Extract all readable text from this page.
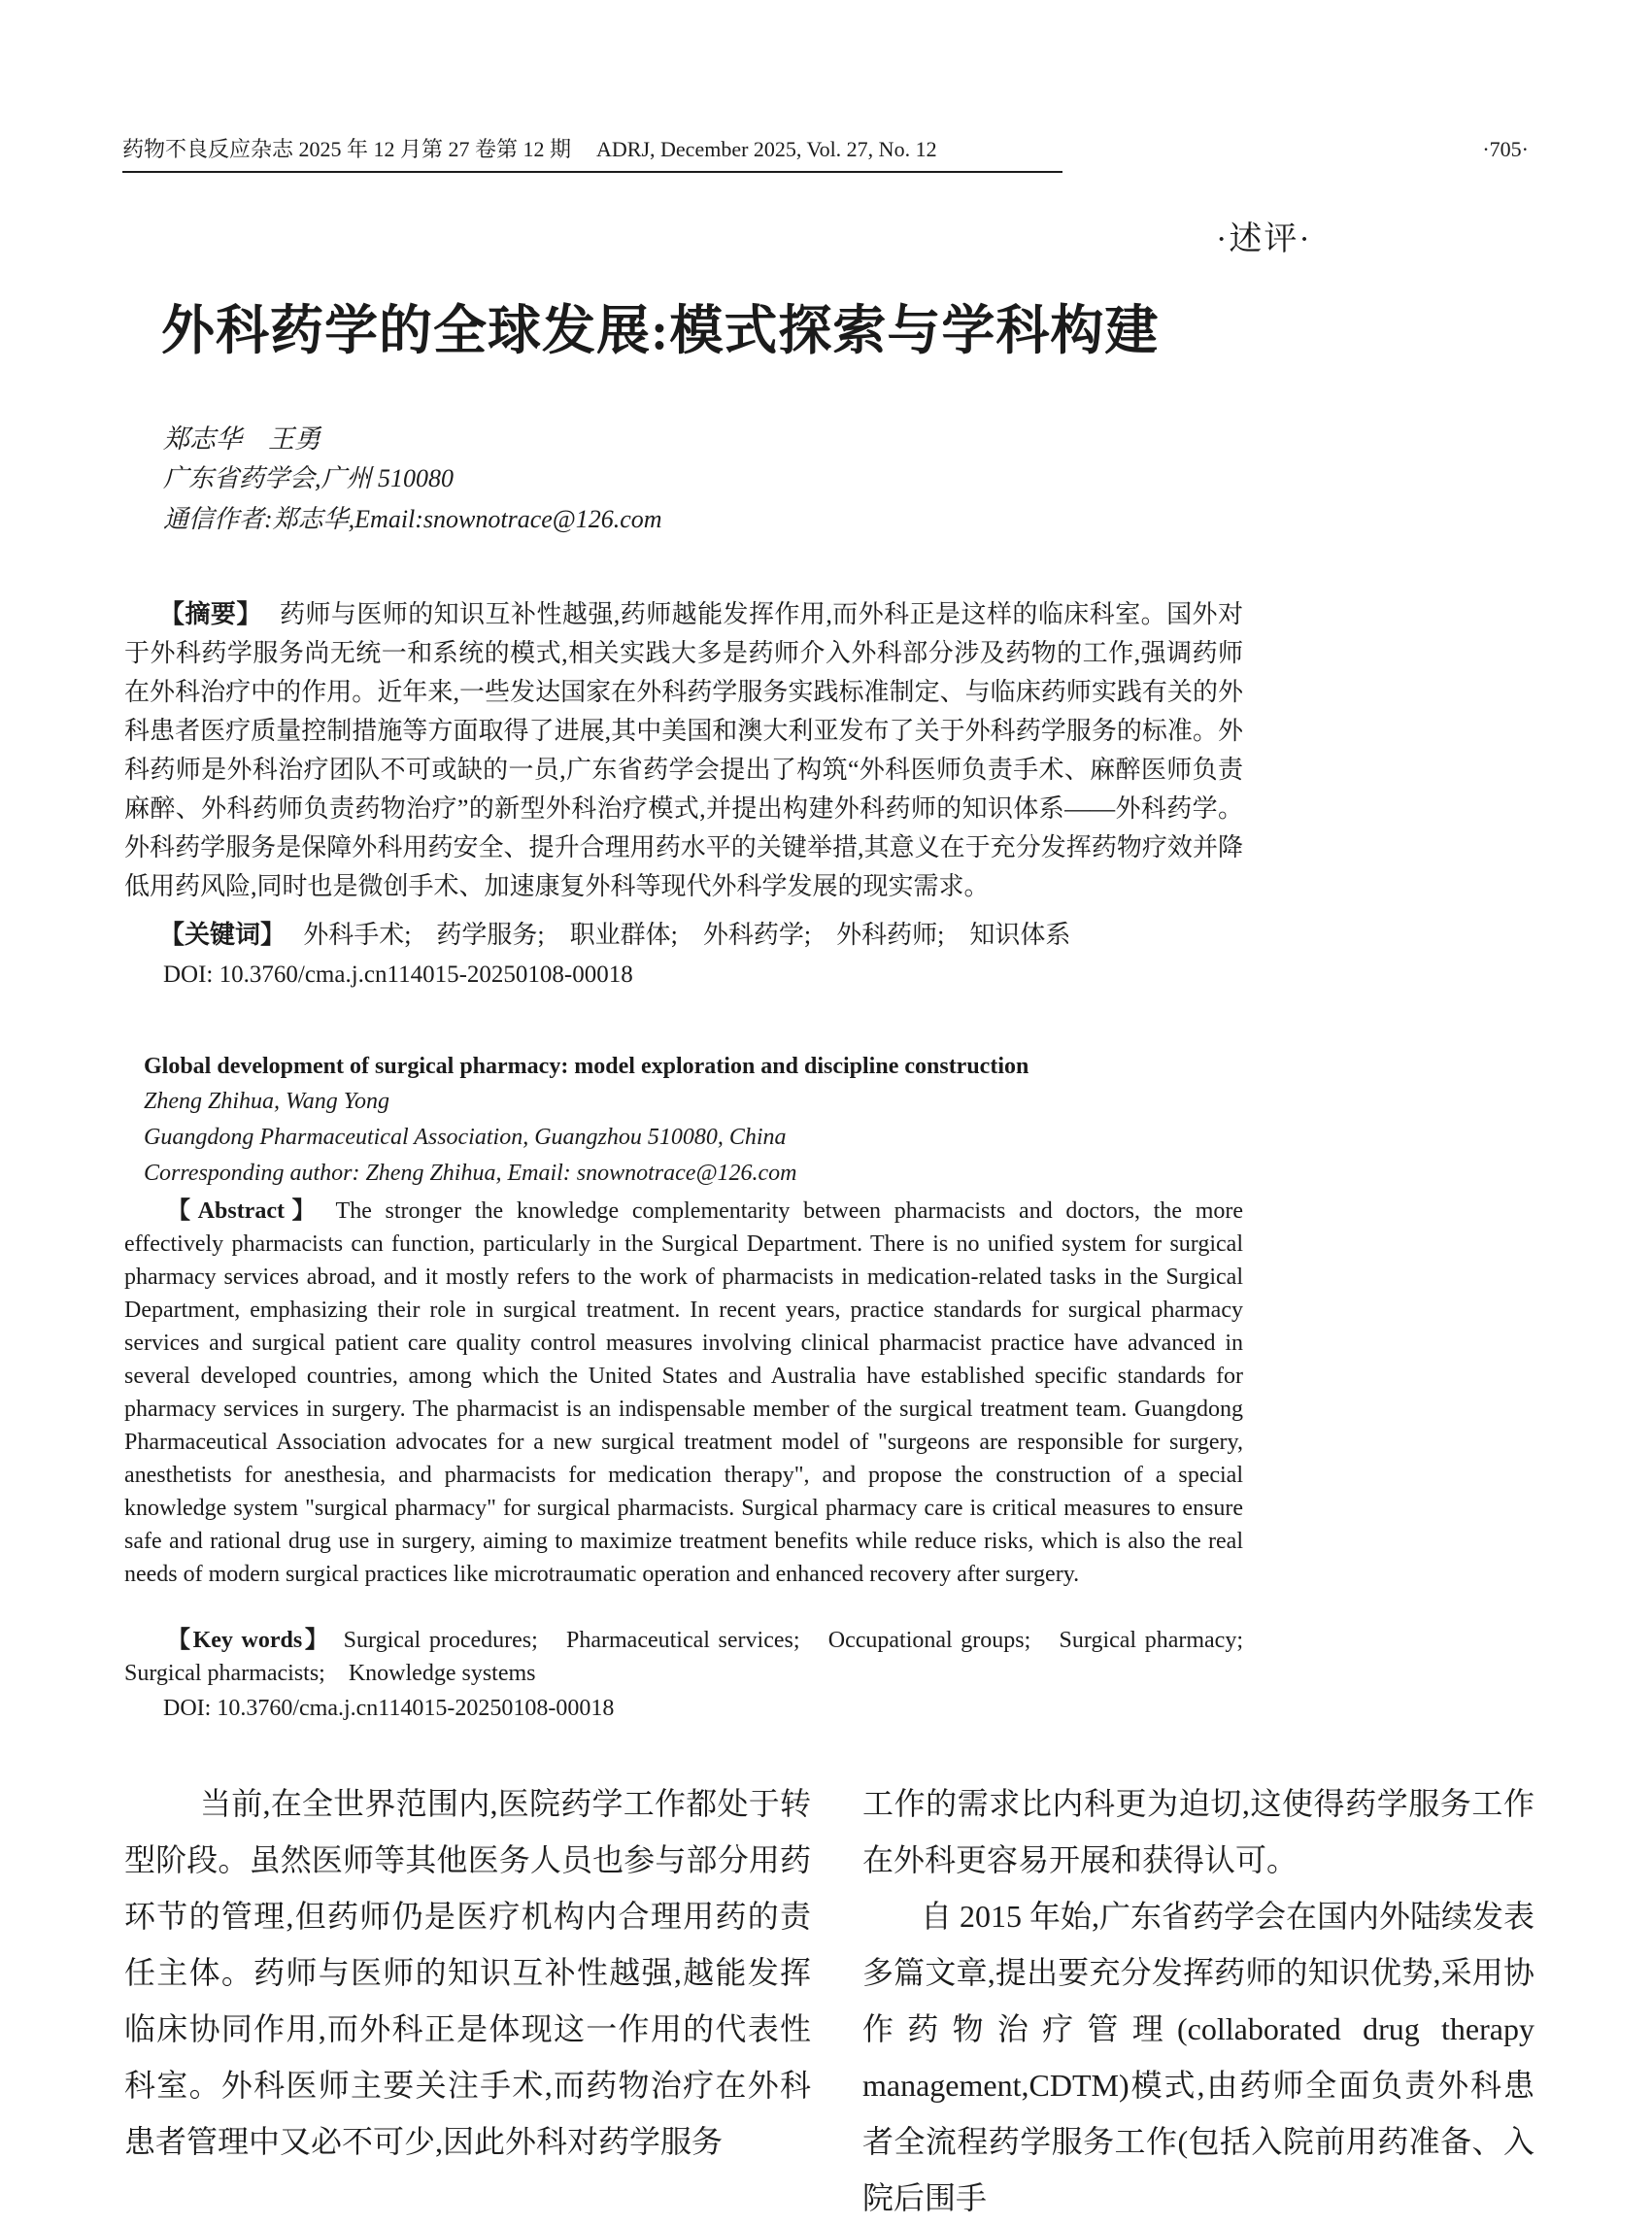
药物不良反应杂志 2025 年 12 月第 27 卷第 12 期 ADRJ, December 2025, Vol. 27, No. 12	·705·
·述评·
外科药学的全球发展:模式探索与学科构建
郑志华　王勇
广东省药学会,广州 510080
通信作者:郑志华,Email:snownotrace@126.com

【摘要】 药师与医师的知识互补性越强,药师越能发挥作用,而外科正是这样的临床科室。国外对于外科药学服务尚无统一和系统的模式,相关实践大多是药师介入外科部分涉及药物的工作,强调药师在外科治疗中的作用。近年来,一些发达国家在外科药学服务实践标准制定、与临床药师实践有关的外科患者医疗质量控制措施等方面取得了进展,其中美国和澳大利亚发布了关于外科药学服务的标准。外科药师是外科治疗团队不可或缺的一员,广东省药学会提出了构筑“外科医师负责手术、麻醉医师负责麻醉、外科药师负责药物治疗”的新型外科治疗模式,并提出构建外科药师的知识体系——外科药学。外科药学服务是保障外科用药安全、提升合理用药水平的关键举措,其意义在于充分发挥药物疗效并降低用药风险,同时也是微创手术、加速康复外科等现代外科学发展的现实需求。

【关键词】 外科手术;　药学服务;　职业群体;　外科药学;　外科药师;　知识体系

DOI: 10.3760/cma.j.cn114015-20250108-00018
Global development of surgical pharmacy: model exploration and discipline construction
Zheng Zhihua, Wang Yong
Guangdong Pharmaceutical Association, Guangzhou 510080, China
Corresponding author: Zheng Zhihua, Email: snownotrace@126.com

【Abstract】 The stronger the knowledge complementarity between pharmacists and doctors, the more effectively pharmacists can function, particularly in the Surgical Department. There is no unified system for surgical pharmacy services abroad, and it mostly refers to the work of pharmacists in medication-related tasks in the Surgical Department, emphasizing their role in surgical treatment. In recent years, practice standards for surgical pharmacy services and surgical patient care quality control measures involving clinical pharmacist practice have advanced in several developed countries, among which the United States and Australia have established specific standards for pharmacy services in surgery. The pharmacist is an indispensable member of the surgical treatment team. Guangdong Pharmaceutical Association advocates for a new surgical treatment model of "surgeons are responsible for surgery, anesthetists for anesthesia, and pharmacists for medication therapy", and propose the construction of a special knowledge system "surgical pharmacy" for surgical pharmacists. Surgical pharmacy care is critical measures to ensure safe and rational drug use in surgery, aiming to maximize treatment benefits while reduce risks, which is also the real needs of modern surgical practices like microtraumatic operation and enhanced recovery after surgery.

【Key words】 Surgical procedures;　Pharmaceutical services;　Occupational groups;　Surgical pharmacy;　Surgical pharmacists;　Knowledge systems

DOI: 10.3760/cma.j.cn114015-20250108-00018

当前,在全世界范围内,医院药学工作都处于转型阶段。虽然医师等其他医务人员也参与部分用药环节的管理,但药师仍是医疗机构内合理用药的责任主体。药师与医师的知识互补性越强,越能发挥临床协同作用,而外科正是体现这一作用的代表性科室。外科医师主要关注手术,而药物治疗在外科患者管理中又必不可少,因此外科对药学服务

工作的需求比内科更为迫切,这使得药学服务工作在外科更容易开展和获得认可。

自 2015 年始,广东省药学会在国内外陆续发表多篇文章,提出要充分发挥药师的知识优势,采用协作药物治疗管理(collaborated drug therapy management,CDTM)模式,由药师全面负责外科患者全流程药学服务工作(包括入院前用药准备、入院后围手
